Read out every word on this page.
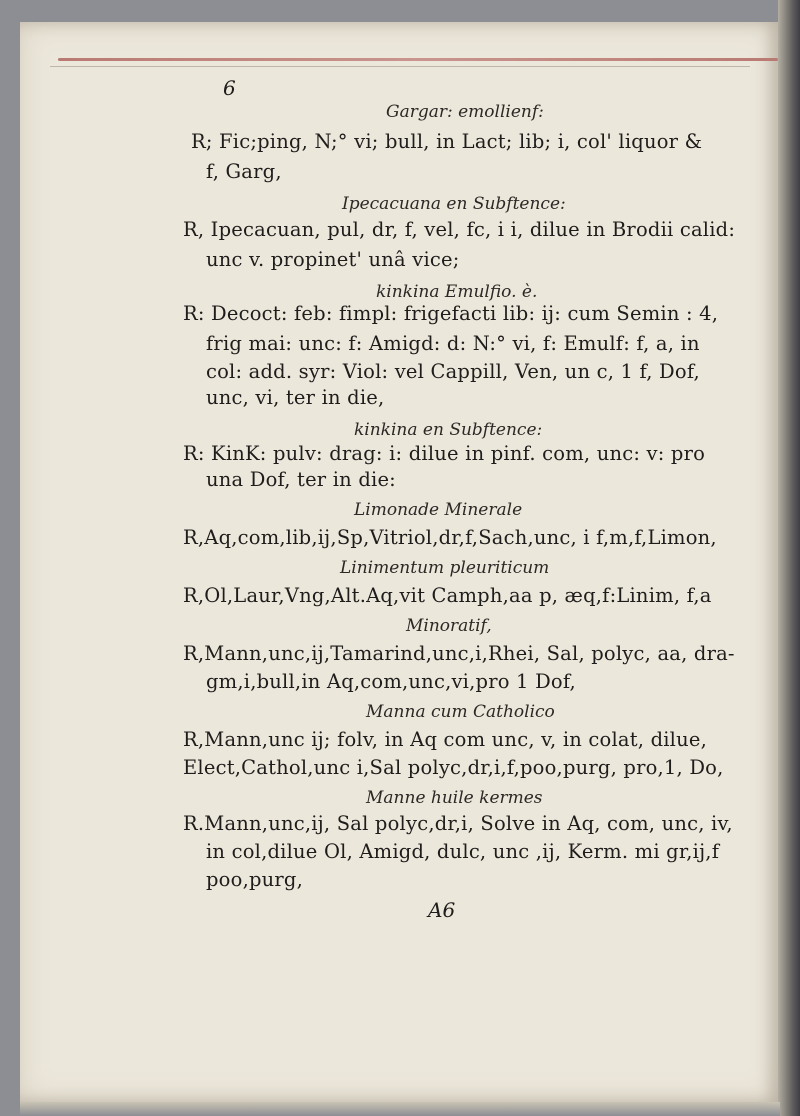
6
Gargar: emollienf:
R; Fic;ping, N;° vi; bull, in Lact; lib; i, col' liquor &
f, Garg,
Ipecacuana en Subftence:
R, Ipecacuan, pul, dr, f, vel, fc, i i, dilue in Brodii calid:
unc v. propinet' unâ vice;
kinkina Emulfio. è.
R: Decoct: feb: fimpl: frigefacti lib: ij: cum Semin : 4,
frig mai: unc: f: Amigd: d: N:° vi, f: Emulf: f, a, in
col: add. syr: Viol: vel Cappill, Ven, un c, 1 f, Dof,
unc, vi, ter in die,
kinkina en Subftence:
R: KinK: pulv: drag: i: dilue in pinf. com, unc: v: pro
una Dof, ter in die:
Limonade Minerale
R,Aq,com,lib,ij,Sp,Vitriol,dr,f,Sach,unc, i f,m,f,Limon,
Linimentum pleuriticum
R,Ol,Laur,Vng,Alt.Aq,vit Camph,aa p, æq,f:Linim, f,a
Minoratif,
R,Mann,unc,ij,Tamarind,unc,i,Rhei, Sal, polyc, aa, dra-
gm,i,bull,in Aq,com,unc,vi,pro 1 Dof,
Manna cum Catholico
R,Mann,unc ij; folv, in Aq com unc, v, in colat, dilue,
Elect,Cathol,unc i,Sal polyc,dr,i,f,poo,purg, pro,1, Do,
Manne huile kermes
R.Mann,unc,ij, Sal polyc,dr,i, Solve in Aq, com, unc, iv,
in col,dilue Ol, Amigd, dulc, unc ,ij, Kerm. mi gr,ij,f
poo,purg,
A6
